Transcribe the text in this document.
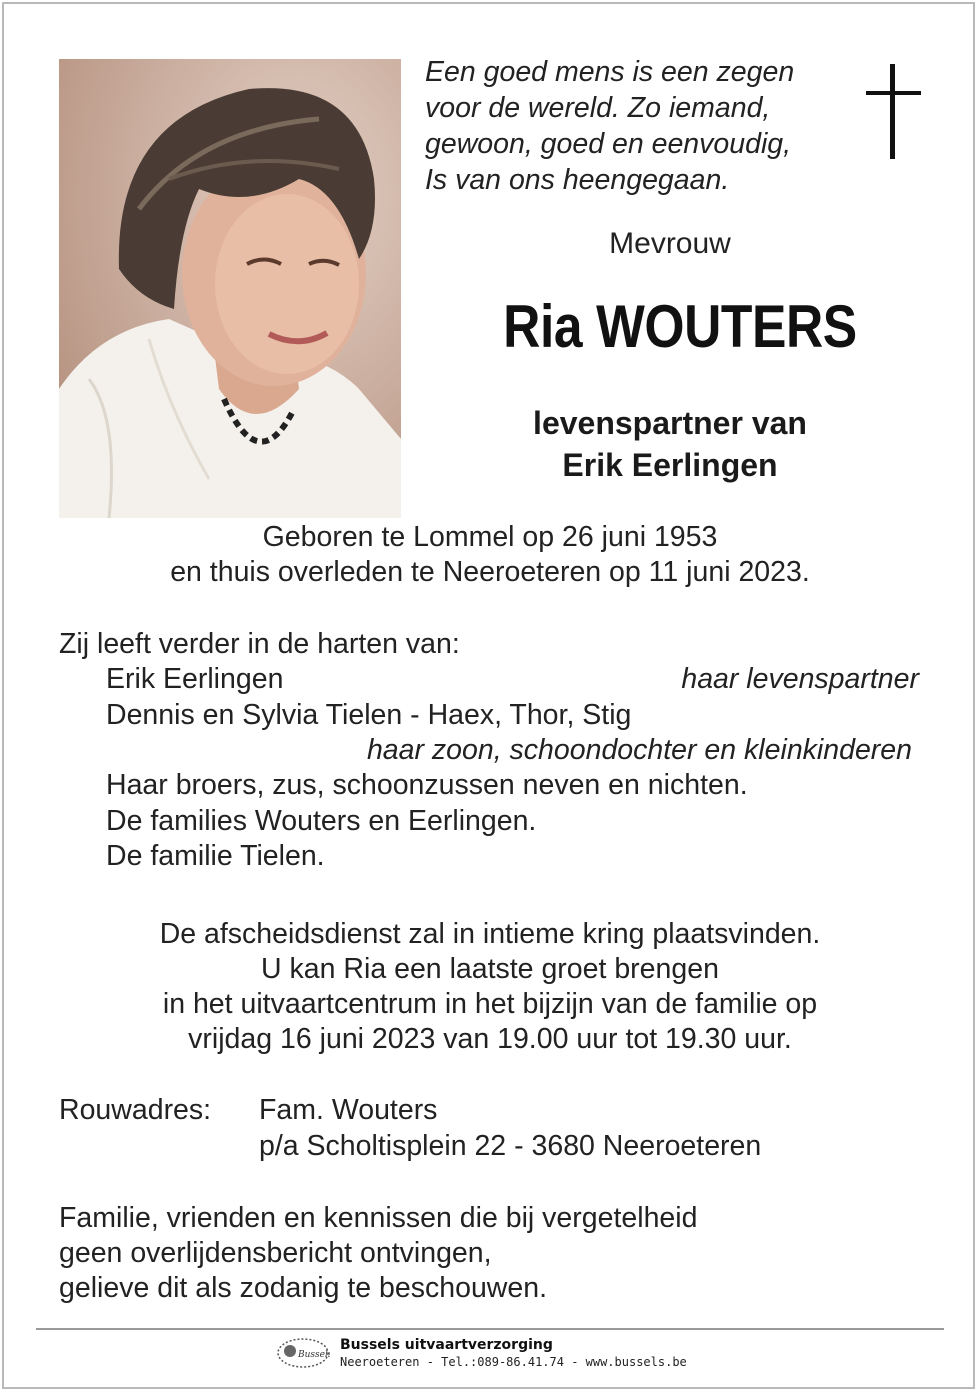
Een goed mens is een zegen
voor de wereld. Zo iemand,
gewoon, goed en eenvoudig,
Is van ons heengegaan.
Mevrouw
Ria WOUTERS
levenspartner van
Erik Eerlingen
Geboren te Lommel op 26 juni 1953
en thuis overleden te Neeroeteren op 11 juni 2023.
Zij leeft verder in de harten van:
Erik Eerlingen	haar levenspartner
Dennis en Sylvia Tielen - Haex, Thor, Stig
haar zoon, schoondochter en kleinkinderen
Haar broers, zus, schoonzussen neven en nichten.
De families Wouters en Eerlingen.
De familie Tielen.
De afscheidsdienst zal in intieme kring plaatsvinden.
U kan Ria een laatste groet brengen
in het uitvaartcentrum in het bijzijn van de familie op
vrijdag 16 juni 2023 van 19.00 uur tot 19.30 uur.
Rouwadres: Fam. Wouters
p/a Scholtisplein 22 - 3680 Neeroeteren
Familie, vrienden en kennissen die bij vergetelheid
geen overlijdensbericht ontvingen,
gelieve dit als zodanig te beschouwen.
Bussels
Bussels uitvaartverzorging
Neeroeteren - Tel.:089-86.41.74 - www.bussels.be
